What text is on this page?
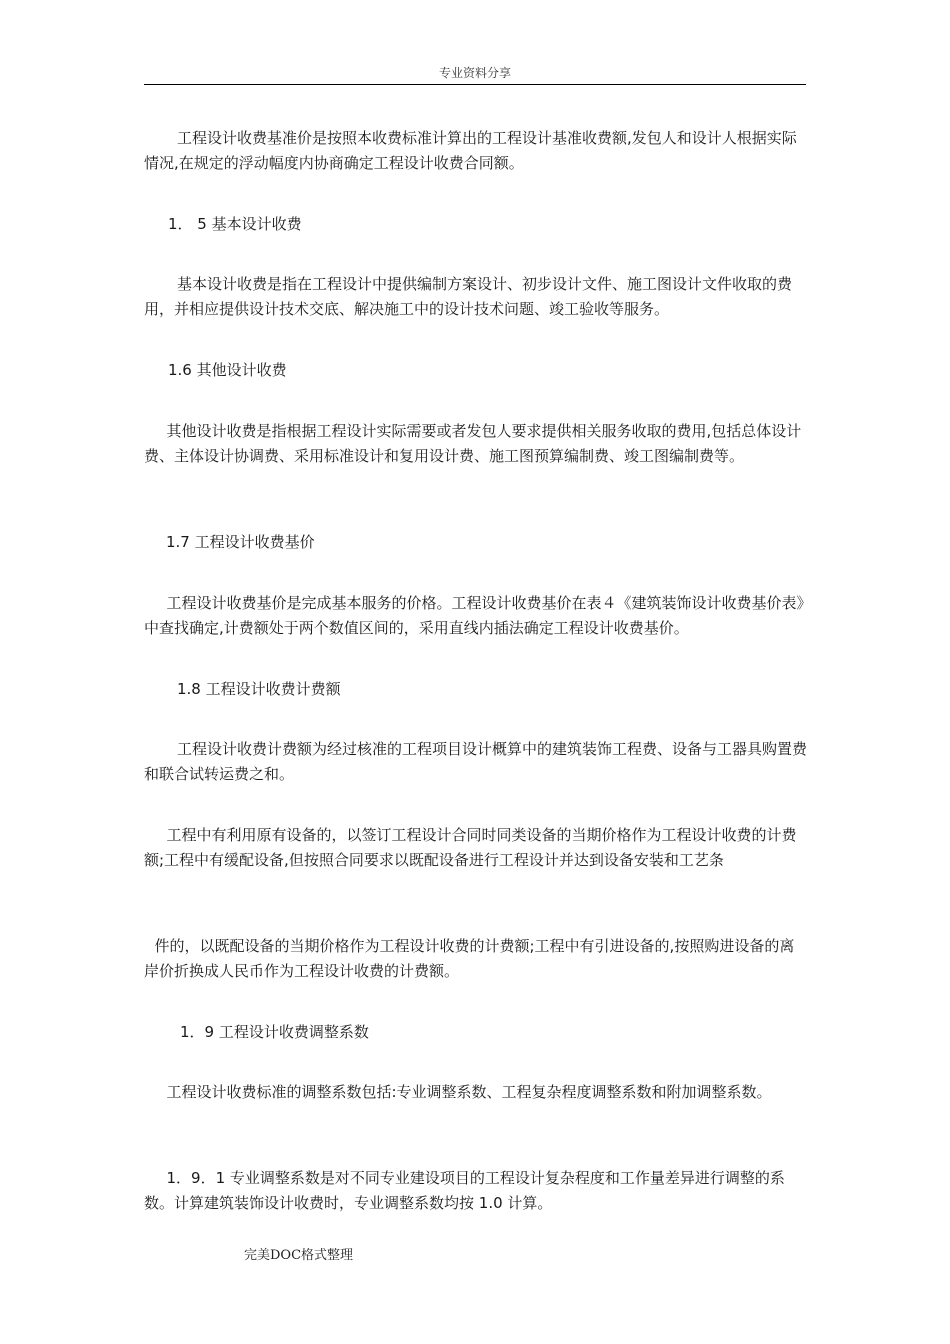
专业资料分享

工程设计收费基准价是按照本收费标准计算出的工程设计基准收费额,发包人和设计人根据实际情况,在规定的浮动幅度内协商确定工程设计收费合同额。

1． 5 基本设计收费

基本设计收费是指在工程设计中提供编制方案设计、初步设计文件、施工图设计文件收取的费用，并相应提供设计技术交底、解决施工中的设计技术问题、竣工验收等服务。

1.6 其他设计收费

其他设计收费是指根据工程设计实际需要或者发包人要求提供相关服务收取的费用,包括总体设计费、主体设计协调费、采用标准设计和复用设计费、施工图预算编制费、竣工图编制费等。

1.7 工程设计收费基价

工程设计收费基价是完成基本服务的价格。工程设计收费基价在表４《建筑装饰设计收费基价表》中查找确定,计费额处于两个数值区间的，采用直线内插法确定工程设计收费基价。

1.8 工程设计收费计费额

工程设计收费计费额为经过核准的工程项目设计概算中的建筑装饰工程费、设备与工器具购置费和联合试转运费之和。

工程中有利用原有设备的，以签订工程设计合同时同类设备的当期价格作为工程设计收费的计费额;工程中有缓配设备,但按照合同要求以既配设备进行工程设计并达到设备安装和工艺条

件的，以既配设备的当期价格作为工程设计收费的计费额;工程中有引进设备的,按照购进设备的离岸价折换成人民币作为工程设计收费的计费额。

1．9 工程设计收费调整系数

工程设计收费标准的调整系数包括:专业调整系数、工程复杂程度调整系数和附加调整系数。

1．9．1 专业调整系数是对不同专业建设项目的工程设计复杂程度和工作量差异进行调整的系数。计算建筑装饰设计收费时，专业调整系数均按 1.0 计算。

完美DOC格式整理
